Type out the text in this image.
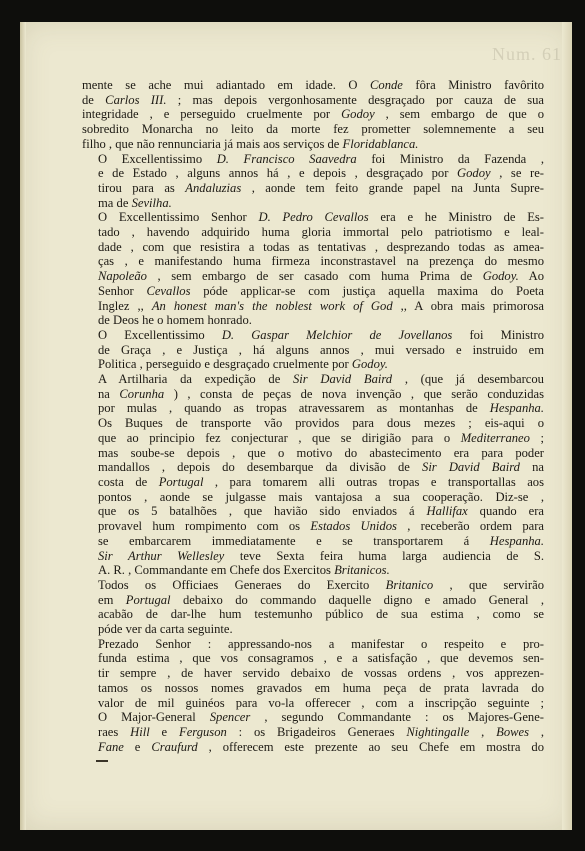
Num. 61

mente se ache mui adiantado em idade. O Conde fôra Ministro favôrito
de Carlos III. ; mas depois vergonhosamente desgraçado por cauza de sua
integridade , e perseguido cruelmente por Godoy , sem embargo de que o
sobredito Monarcha no leito da morte fez prometter solemnemente a seu
filho , que não rennunciaria já mais aos serviços de Floridablanca.

O Excellentissimo D. Francisco Saavedra foi Ministro da Fazenda ,
e de Estado , alguns annos há , e depois , desgraçado por Godoy , se re-
tirou para as Andaluzias , aonde tem feito grande papel na Junta Supre-
ma de Sevilha.

O Excellentissimo Senhor D. Pedro Cevallos era e he Ministro de Es-
tado , havendo adquirido huma gloria immortal pelo patriotismo e leal-
dade , com que resistira a todas as tentativas , desprezando todas as amea-
ças , e manifestando huma firmeza inconstrastavel na prezença do mesmo
Napoleão , sem embargo de ser casado com huma Prima de Godoy. Ao
Senhor Cevallos póde applicar-se com justiça aquella maxima do Poeta
Inglez ,, An honest man's the noblest work of God ,, A obra mais primorosa
de Deos he o homem honrado.

O Excellentissimo D. Gaspar Melchior de Jovellanos foi Ministro
de Graça , e Justiça , há alguns annos , mui versado e instruido em
Politica , perseguido e desgraçado cruelmente por Godoy.

A Artilharia da expedição de Sir David Baird , (que já desembarcou
na Corunha ) , consta de peças de nova invenção , que serão conduzidas
por mulas , quando as tropas atravessarem as montanhas de Hespanha.

Os Buques de transporte vão providos para dous mezes ; eis-aqui o
que ao principio fez conjecturar , que se dirigião para o Mediterraneo ;
mas soube-se depois , que o motivo do abastecimento era para poder
mandallos , depois do desembarque da divisão de Sir David Baird na
costa de Portugal , para tomarem alli outras tropas e transportallas aos
pontos , aonde se julgasse mais vantajosa a sua cooperação. Diz-se ,
que os 5 batalhões , que havião sido enviados á Hallifax quando era
provavel hum rompimento com os Estados Unidos , receberão ordem para
se embarcarem immediatamente e se transportarem á Hespanha.

Sir Arthur Wellesley teve Sexta feira huma larga audiencia de S.
A. R. , Commandante em Chefe dos Exercitos Britanicos.

Todos os Officiaes Generaes do Exercito Britanico , que servirão
em Portugal debaixo do commando daquelle digno e amado General ,
acabão de dar-lhe hum testemunho público de sua estima , como se
póde ver da carta seguinte.

Prezado Senhor : appressando-nos a manifestar o respeito e pro-
funda estima , que vos consagramos , e a satisfação , que devemos sen-
tir sempre , de haver servido debaixo de vossas ordens , vos apprezen-
tamos os nossos nomes gravados em huma peça de prata lavrada do
valor de mil guinéos para vo-la offerecer , com a inscripção seguinte ;
O Major-General Spencer , segundo Commandante : os Majores-Gene-
raes Hill e Ferguson : os Brigadeiros Generaes Nightingalle , Bowes ,
Fane e Craufurd , offerecem este prezente ao seu Chefe em mostra do
